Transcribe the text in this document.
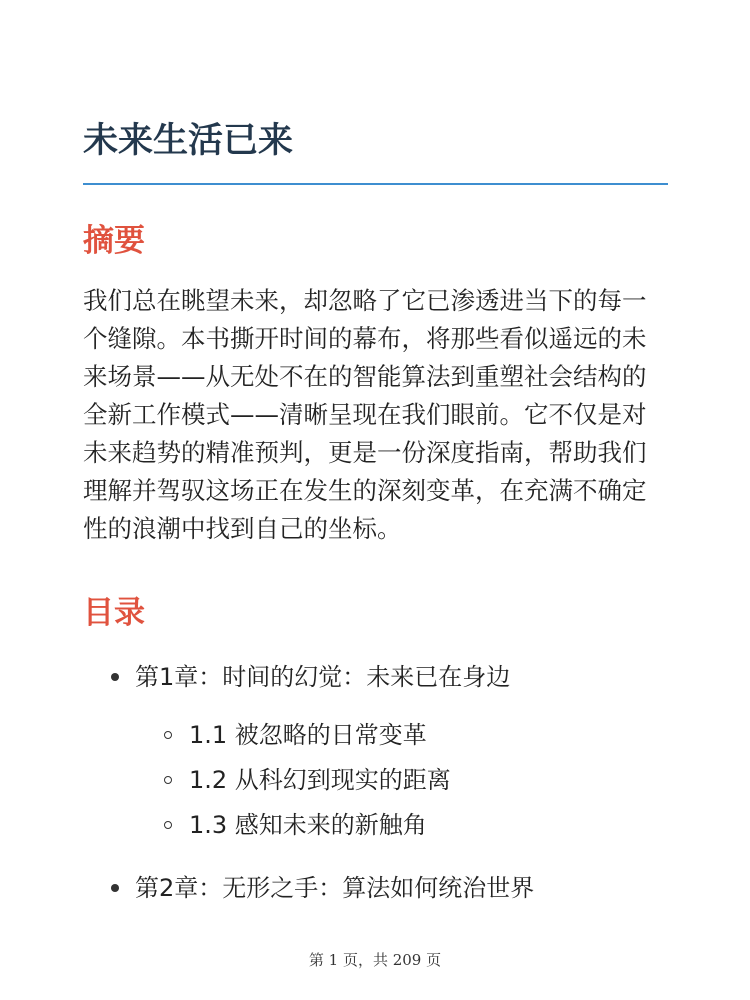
未来生活已来
摘要

我们总在眺望未来，却忽略了它已渗透进当下的每一个缝隙。本书撕开时间的幕布，将那些看似遥远的未来场景——从无处不在的智能算法到重塑社会结构的全新工作模式——清晰呈现在我们眼前。它不仅是对未来趋势的精准预判，更是一份深度指南，帮助我们理解并驾驭这场正在发生的深刻变革，在充满不确定性的浪潮中找到自己的坐标。

目录
第1章：时间的幻觉：未来已在身边
1.1 被忽略的日常变革
1.2 从科幻到现实的距离
1.3 感知未来的新触角
第2章：无形之手：算法如何统治世界
第 1 页，共 209 页
